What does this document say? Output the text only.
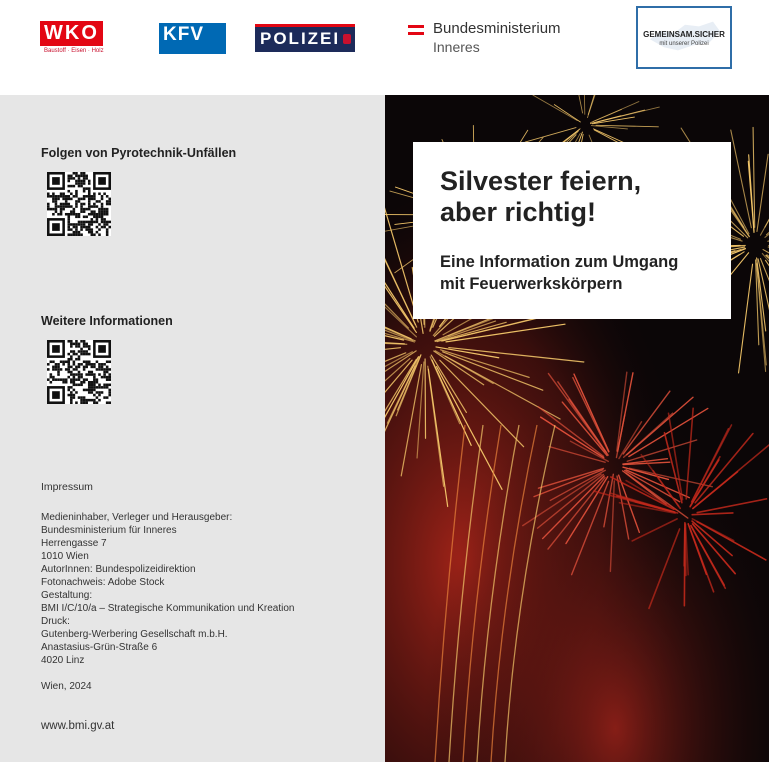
WKO
Baustoff · Eisen · Holz
KFV	POLIZEI
Bundesministerium
Inneres
GEMEINSAM.SICHER
mit unserer Polizei
Folgen von Pyrotechnik-Unfällen
Weitere Informationen
Impressum
Medieninhaber, Verleger und Herausgeber:
Bundesministerium für Inneres
Herrengasse 7
1010 Wien
AutorInnen: Bundespolizeidirektion
Fotonachweis: Adobe Stock
Gestaltung:
BMI I/C/10/a – Strategische Kommunikation und Kreation
Druck:
Gutenberg-Werbering Gesellschaft m.b.H.
Anastasius-Grün-Straße 6
4020 Linz
Wien, 2024
www.bmi.gv.at
Silvester feiern,
aber richtig!
Eine Information zum Umgang
mit Feuerwerkskörpern
